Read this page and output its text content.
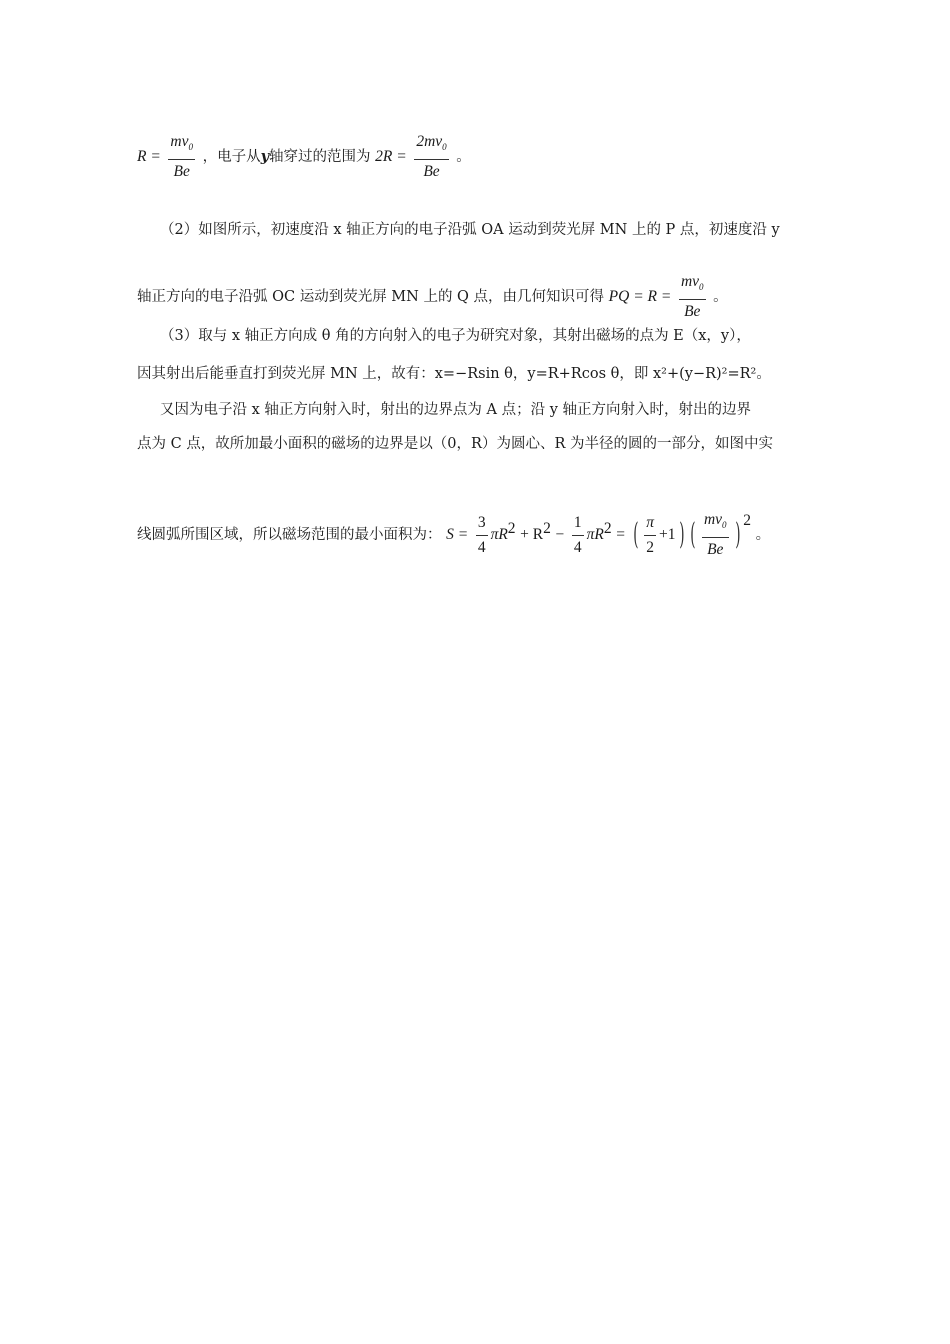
$R = \frac{mv_0}{Be}$ ，电子从y轴穿过的范围为 $2R = \frac{2mv_0}{Be}$ 。
（2）如图所示，初速度沿 x 轴正方向的电子沿弧 OA 运动到荧光屏 MN 上的 P 点，初速度沿 y
轴正方向的电子沿弧 OC 运动到荧光屏 MN 上的 Q 点，由几何知识可得 PQ = $R = \frac{mv_0}{Be}$ 。
（3）取与 x 轴正方向成 θ 角的方向射入的电子为研究对象，其射出磁场的点为 E（x，y），
因其射出后能垂直打到荧光屏 MN 上，故有：x=−Rsin θ，y=R+Rcos θ，即 x²+(y−R)²=R²。
又因为电子沿 x 轴正方向射入时，射出的边界点为 A 点；沿 y 轴正方向射入时，射出的边界
点为 C 点，故所加最小面积的磁场的边界是以（0，R）为圆心、R 为半径的圆的一部分，如图中实
线圆弧所围区域，所以磁场范围的最小面积为： $S = \frac{3}{4} \pi R^2 + R^2 - \frac{1}{4} \pi R^2$ = ( $\frac{\pi}{2} +1$ ) ( $\frac{mv_0}{Be}$ ) $^2$ 。
